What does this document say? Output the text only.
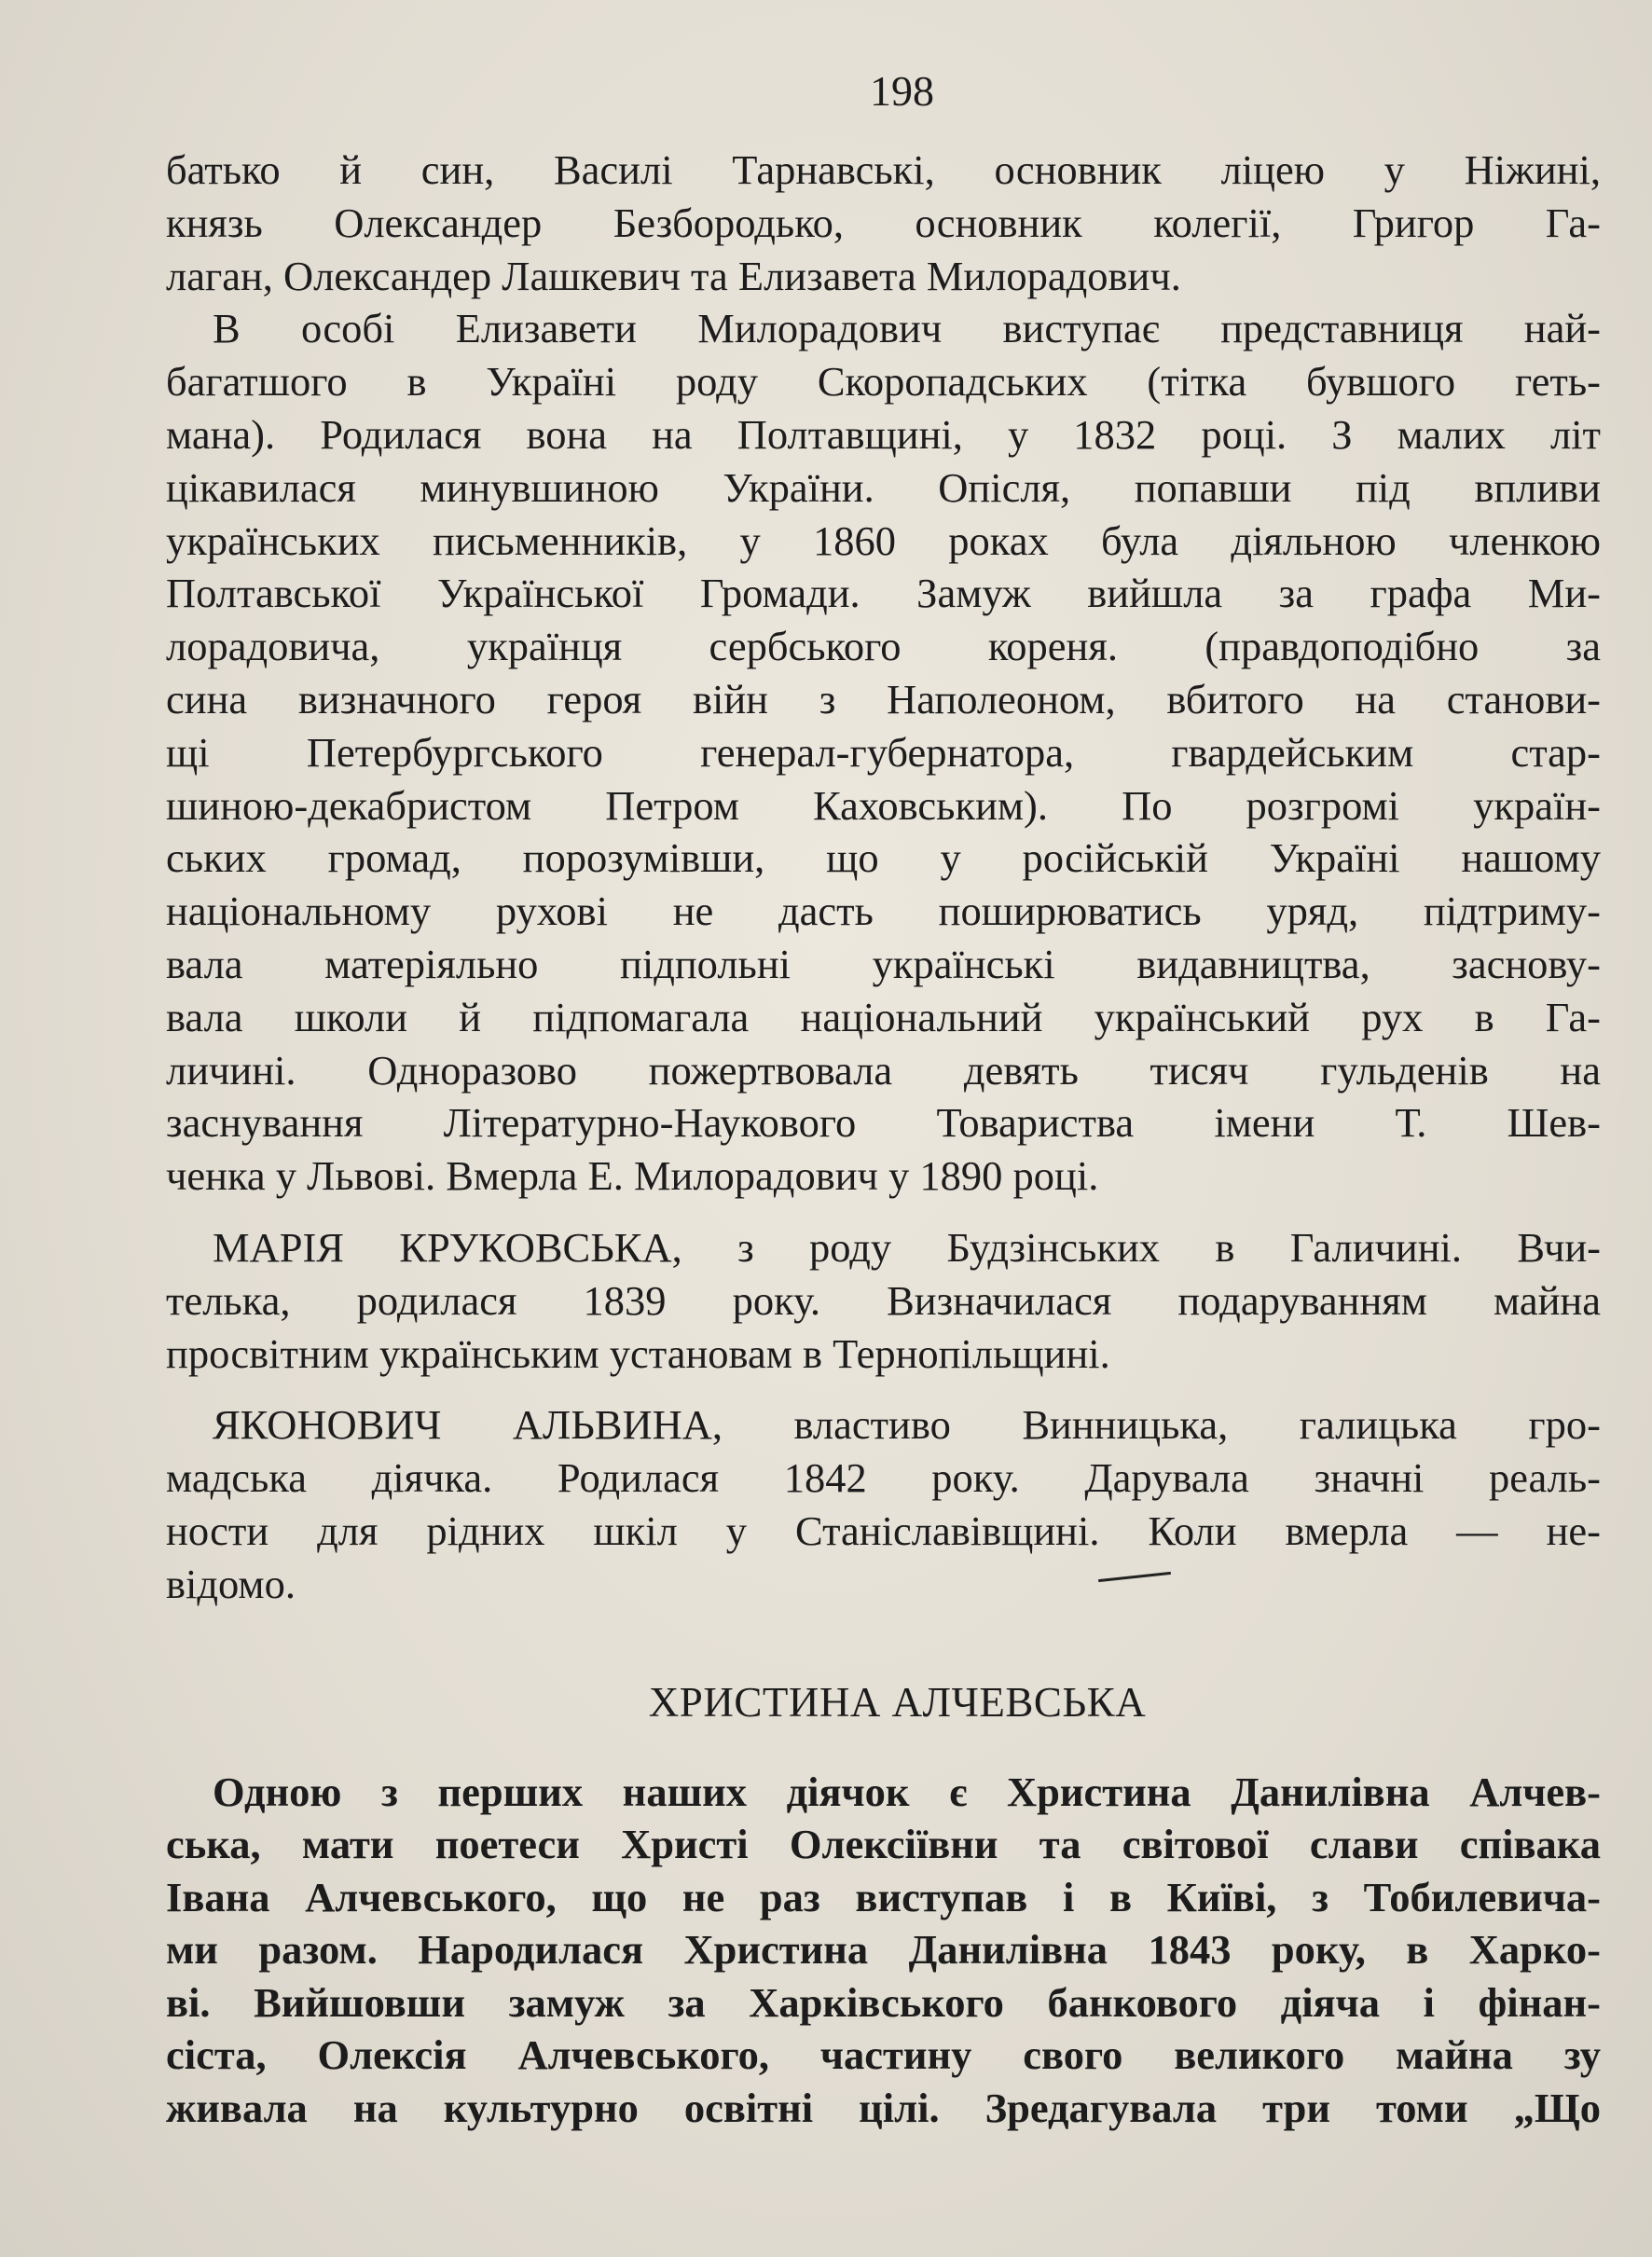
198
батько й син, Василі Тарнавські, основник ліцею у Ніжині,
князь Олександер Безбородько, основник колегії, Григор Га-
лаган, Олександер Лашкевич та Елизавета Милорадович.
В особі Елизавети Милорадович виступає представниця най-
багатшого в Україні роду Скоропадських (тітка бувшого геть-
мана). Родилася вона на Полтавщині, у 1832 році. З малих літ
цікавилася минувшиною України. Опісля, попавши під впливи
українських письменників, у 1860 роках була діяльною членкою
Полтавської Української Громади. Замуж вийшла за графа Ми-
лорадовича, українця сербського кореня. (правдоподібно за
сина визначного героя війн з Наполеоном, вбитого на станови-
щі Петербургського генерал-губернатора, гвардейським стар-
шиною-декабристом Петром Каховським). По розгромі україн-
ських громад, порозумівши, що у російській Україні нашому
національному рухові не дасть поширюватись уряд, підтриму-
вала матеріяльно підпольні українські видавництва, заснову-
вала школи й підпомагала національний український рух в Га-
личині. Одноразово пожертвовала девять тисяч гульденів на
заснування Літературно-Наукового Товариства імени Т. Шев-
ченка у Львові. Вмерла Е. Милорадович у 1890 році.
МАРІЯ КРУКОВСЬКА, з роду Будзінських в Галичині. Вчи-
телька, родилася 1839 року. Визначилася подаруванням майна
просвітним українським установам в Тернопільщині.
ЯКОНОВИЧ АЛЬВИНА, властиво Винницька, галицька гро-
мадська діячка. Родилася 1842 року. Дарувала значні реаль-
ности для рідних шкіл у Станіславівщині. Коли вмерла — не-
відомо.
ХРИСТИНА АЛЧЕВСЬКА
Одною з перших наших діячок є Христина Данилівна Алчев-
ська, мати поетеси Христі Олексіївни та світової слави співака
Івана Алчевського, що не раз виступав і в Київі, з Тобилевича-
ми разом. Народилася Христина Данилівна 1843 року, в Харко-
ві. Вийшовши замуж за Харківського банкового діяча і фінан-
сіста, Олексія Алчевського, частину свого великого майна зу
живала на культурно освітні цілі. Зредагувала три томи „Що
